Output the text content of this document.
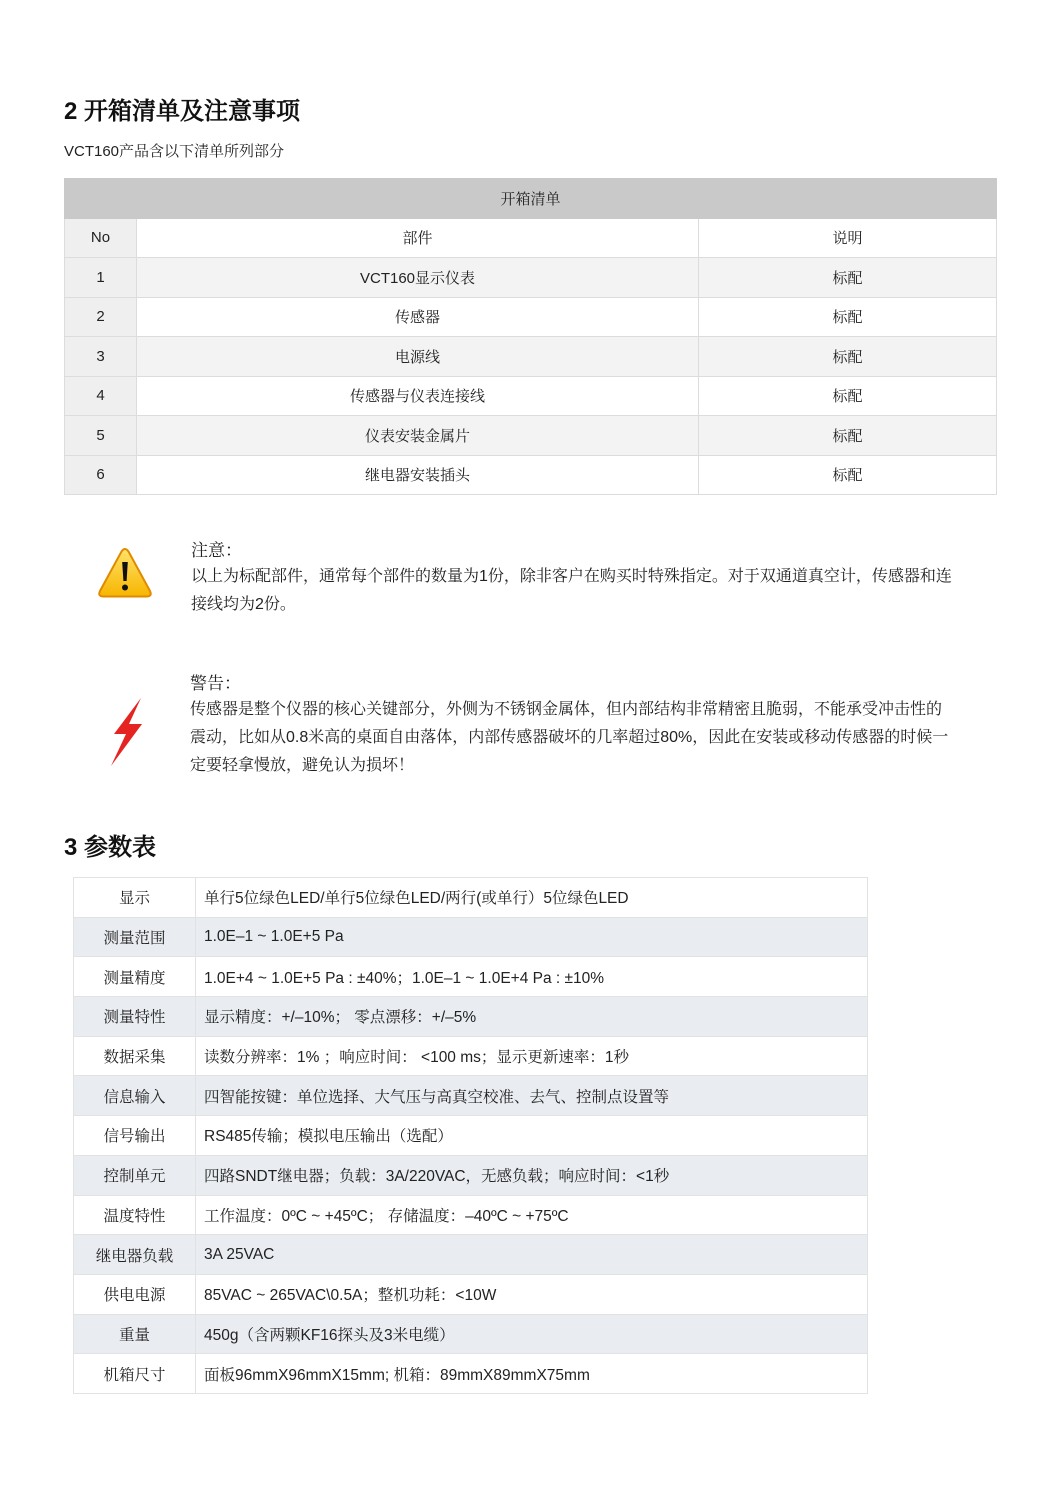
2 开箱清单及注意事项
VCT160产品含以下清单所列部分
开箱清单		
No	部件	说明
1	VCT160显示仪表	标配
2	传感器	标配
3	电源线	标配
4	传感器与仪表连接线	标配
5	仪表安装金属片	标配
6	继电器安装插头	标配
注意：
以上为标配部件，通常每个部件的数量为1份，除非客户在购买时特殊指定。对于双通道真空计，传感器和连接线均为2份。
警告：
传感器是整个仪器的核心关键部分，外侧为不锈钢金属体，但内部结构非常精密且脆弱，不能承受冲击性的震动，比如从0.8米高的桌面自由落体，内部传感器破坏的几率超过80%，因此在安装或移动传感器的时候一定要轻拿慢放，避免认为损坏！
3 参数表
显示	单行5位绿色LED/单行5位绿色LED/两行(或单行）5位绿色LED
测量范围	1.0E–1 ~ 1.0E+5 Pa
测量精度	1.0E+4 ~ 1.0E+5 Pa : ±40%；1.0E–1 ~ 1.0E+4 Pa : ±10%
测量特性	显示精度：+/–10%； 零点漂移：+/–5%
数据采集	读数分辨率：1% ；响应时间： <100 ms；显示更新速率：1秒
信息输入	四智能按键：单位选择、大气压与高真空校准、去气、控制点设置等
信号输出	RS485传输；模拟电压输出（选配）
控制单元	四路SNDT继电器；负载：3A/220VAC，无感负载；响应时间：<1秒
温度特性	工作温度：0ºC ~ +45ºC； 存储温度：–40ºC ~ +75ºC
继电器负载	3A 25VAC
供电电源	85VAC ~ 265VAC\0.5A；整机功耗：<10W
重量	450g（含两颗KF16探头及3米电缆）
机箱尺寸	面板96mmX96mmX15mm; 机箱：89mmX89mmX75mm
